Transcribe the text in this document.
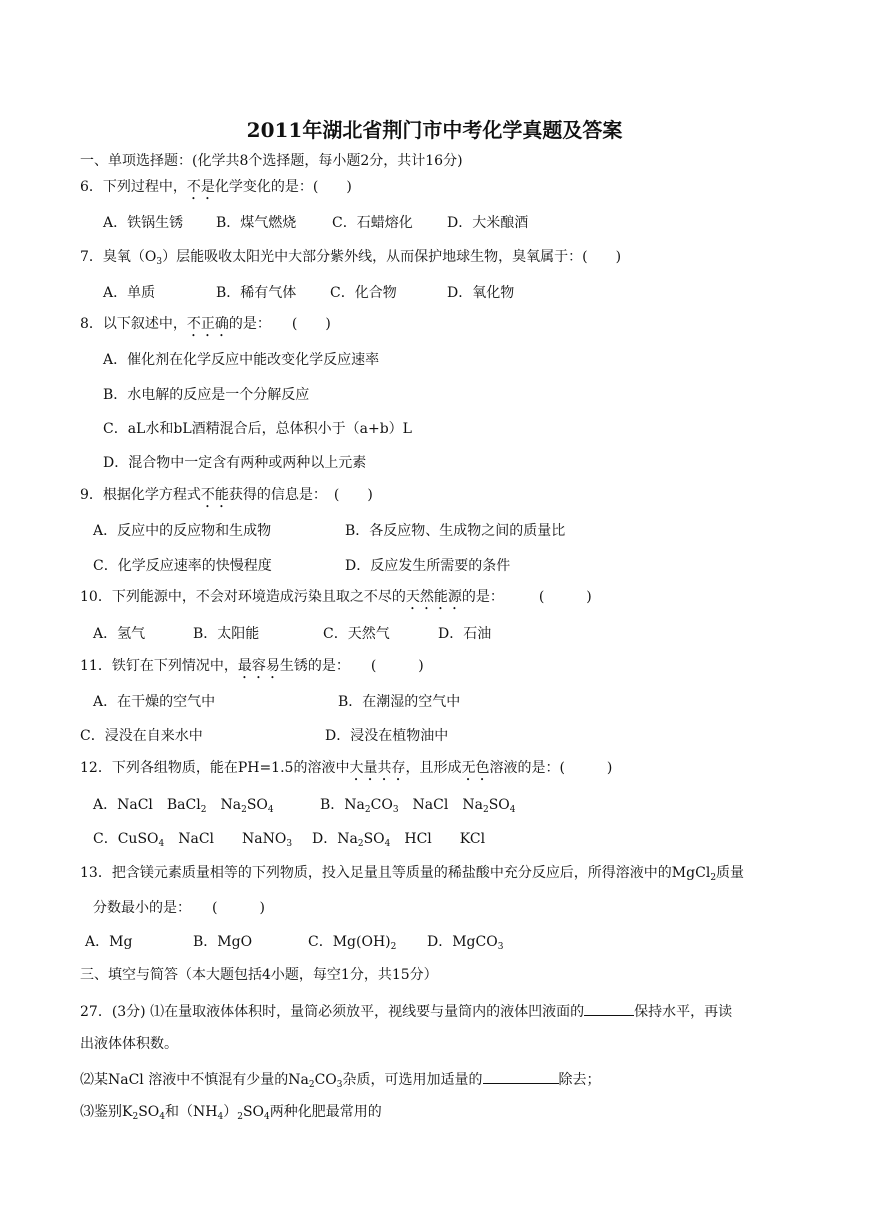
2011年湖北省荆门市中考化学真题及答案
一、单项选择题：(化学共8个选择题，每小题2分，共计16分)
6．下列过程中，不是化学变化的是：(　　)
A．铁锅生锈 B．煤气燃烧	C．石蜡熔化 D．大米酿酒
7．臭氧$(O_3)$层能吸收太阳光中大部分紫外线，从而保护地球生物，臭氧属于：(　　)
A．单质	B．稀有气体 C．化合物	D．氧化物
8．以下叙述中，不正确的是：　　(　　)
A．催化剂在化学反应中能改变化学反应速率
B．水电解的反应是一个分解反应
C．aL水和bL酒精混合后，总体积小于（a+b）L
D．混合物中一定含有两种或两种以上元素
9．根据化学方程式不能获得的信息是：　(　　)
A．反应中的反应物和生成物	B．各反应物、生成物之间的质量比
C．化学反应速率的快慢程度	D．反应发生所需要的条件
10．下列能源中，不会对环境造成污染且取之不尽的天然能源的是：　　　(　　　)
A．氢气	B．太阳能	C．天然气	D．石油
11．铁钉在下列情况中，最容易生锈的是：　　(　　　)
A．在干燥的空气中	B．在潮湿的空气中
C．浸没在自来水中	D．浸没在植物油中
12．下列各组物质，能在PH=1.5的溶液中大量共存，且形成无色溶液的是：(　　　)
A．NaCl　BaCl$_2$　$Na_2SO_4$	B．$Na_2CO_3$　NaCl　$Na_2SO_4$
C．CuSO$_4$　NaCl　　NaNO$_3$ D．$Na_2SO_4$　HCl　　KCl
13．把含镁元素质量相等的下列物质，投入足量且等质量的稀盐酸中充分反应后，所得溶液中的MgCl$_2$质量
分数最小的是：　　(　　　)
A．Mg	B．MgO	C．$Mg(OH)_2$ D．MgCO$_3$
三、填空与简答（本大题包括4小题，每空1分，共15分）
27．(3分) ⑴在量取液体体积时，量筒必须放平，视线要与量筒内的液体凹液面的	保持水平，再读
出液体体积数。
⑵某NaCl 溶液中不慎混有少量的$Na_2CO_3$杂质，可选用加适量的	除去；
⑶鉴别$K_2SO_4$和$(NH_4)_2SO_4$两种化肥最常用的
